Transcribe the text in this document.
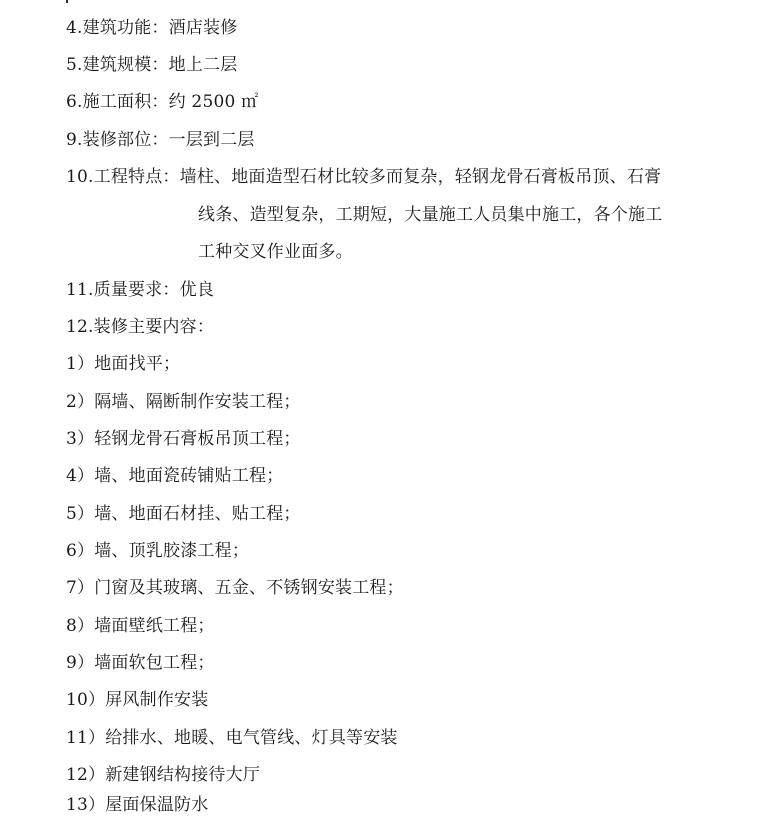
4.建筑功能：酒店装修
5.建筑规模：地上二层
6.施工面积：约 2500 ㎡
9.装修部位：一层到二层
10.工程特点：墙柱、地面造型石材比较多而复杂，轻钢龙骨石膏板吊顶、石膏
线条、造型复杂，工期短，大量施工人员集中施工，各个施工
工种交叉作业面多。
11.质量要求：优良
12.装修主要内容：
1）地面找平；
2）隔墙、隔断制作安装工程；
3）轻钢龙骨石膏板吊顶工程；
4）墙、地面瓷砖铺贴工程；
5）墙、地面石材挂、贴工程；
6）墙、顶乳胶漆工程；
7）门窗及其玻璃、五金、不锈钢安装工程；
8）墙面壁纸工程；
9）墙面软包工程；
10）屏风制作安装
11）给排水、地暖、电气管线、灯具等安装
12）新建钢结构接待大厅
13）屋面保温防水
